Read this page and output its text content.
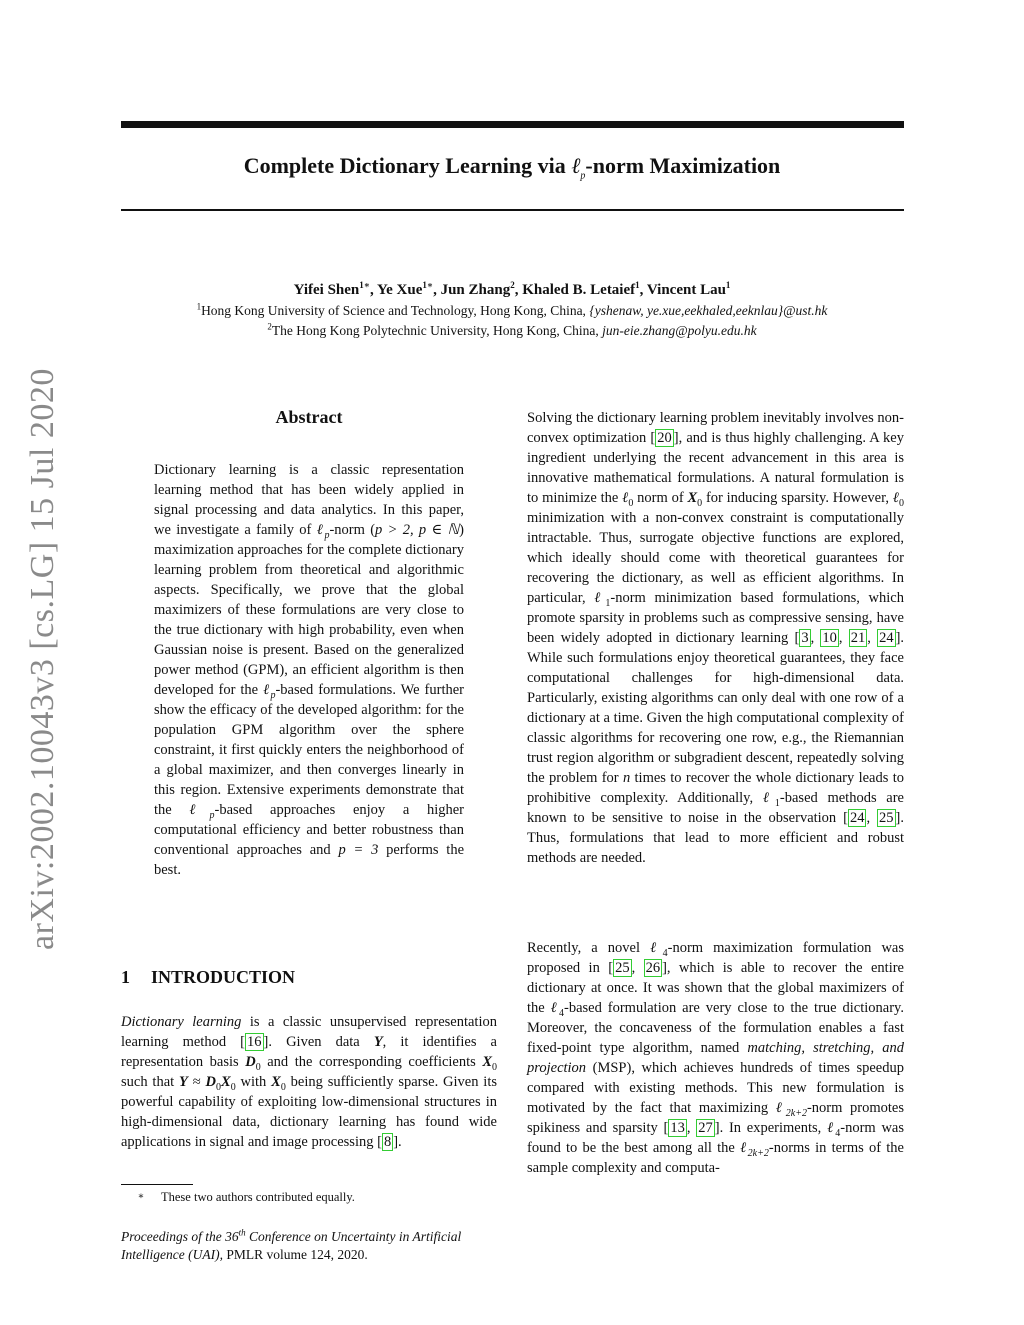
Complete Dictionary Learning via ℓ$_p$-norm Maximization
Yifei Shen$^{1∗}$, Ye Xue$^{1∗}$, Jun Zhang$^2$, Khaled B. Letaief$^1$, Vincent Lau$^1$
$^1$Hong Kong University of Science and Technology, Hong Kong, China, {yshenaw, ye.xue,eekhaled,eeknlau}@ust.hk
$^2$The Hong Kong Polytechnic University, Hong Kong, China, jun-eie.zhang@polyu.edu.hk
arXiv:2002.10043v3 [cs.LG] 15 Jul 2020	Abstract
Dictionary learning is a classic representation learning method that has been widely applied in signal processing and data analytics. In this paper, we investigate a family of ℓ$_p$-norm (p > 2, p ∈ ℕ) maximization approaches for the complete dictionary learning problem from theoretical and algorithmic aspects. Specifically, we prove that the global maximizers of these formulations are very close to the true dictionary with high probability, even when Gaussian noise is present. Based on the generalized power method (GPM), an efficient algorithm is then developed for the ℓ$_p$-based formulations. We further show the efficacy of the developed algorithm: for the population GPM algorithm over the sphere constraint, it first quickly enters the neighborhood of a global maximizer, and then converges linearly in this region. Extensive experiments demonstrate that the ℓ$_p$-based approaches enjoy a higher computational efficiency and better robustness than conventional approaches and p = 3 performs the best.
1 INTRODUCTION
Dictionary learning is a classic unsupervised representation learning method [ 16 ]. Given data Y, it identifies a representation basis $D_0$ and the corresponding coefficients $X_0$ such that $Y \approx D_0X_0$ with $X_0$ being sufficiently sparse. Given its powerful capability of exploiting low-dimensional structures in high-dimensional data, dictionary learning has found wide applications in signal and image processing [ 8 ].
∗ These two authors contributed equally.
Proceedings of the 36th Conference on Uncertainty in Artificial Intelligence (UAI), PMLR volume 124, 2020.
Solving the dictionary learning problem inevitably involves non-convex optimization [ 20 ], and is thus highly challenging. A key ingredient underlying the recent advancement in this area is innovative mathematical formulations. A natural formulation is to minimize the ℓ$_0$ norm of $X_0$ for inducing sparsity. However, ℓ$_0$ minimization with a non-convex constraint is computationally intractable. Thus, surrogate objective functions are explored, which ideally should come with theoretical guarantees for recovering the dictionary, as well as efficient algorithms. In particular, ℓ$_1$-norm minimization based formulations, which promote sparsity in problems such as compressive sensing, have been widely adopted in dictionary learning [ 3 , 10 , 21 , 24 ]. While such formulations enjoy theoretical guarantees, they face computational challenges for high-dimensional data. Particularly, existing algorithms can only deal with one row of a dictionary at a time. Given the high computational complexity of classic algorithms for recovering one row, e.g., the Riemannian trust region algorithm or subgradient descent, repeatedly solving the problem for n times to recover the whole dictionary leads to prohibitive complexity. Additionally, ℓ$_1$-based methods are known to be sensitive to noise in the observation [ 24 , 25 ]. Thus, formulations that lead to more efficient and robust methods are needed.
Recently, a novel ℓ$_4$-norm maximization formulation was proposed in [ 25 , 26 ], which is able to recover the entire dictionary at once. It was shown that the global maximizers of the ℓ$_4$-based formulation are very close to the true dictionary. Moreover, the concaveness of the formulation enables a fast fixed-point type algorithm, named matching, stretching, and projection (MSP), which achieves hundreds of times speedup compared with existing methods. This new formulation is motivated by the fact that maximizing ℓ$_{2k+2}$-norm promotes spikiness and sparsity [ 13 , 27 ]. In experiments, ℓ$_4$-norm was found to be the best among all the ℓ$_{2k+2}$-norms in terms of the sample complexity and computa-
